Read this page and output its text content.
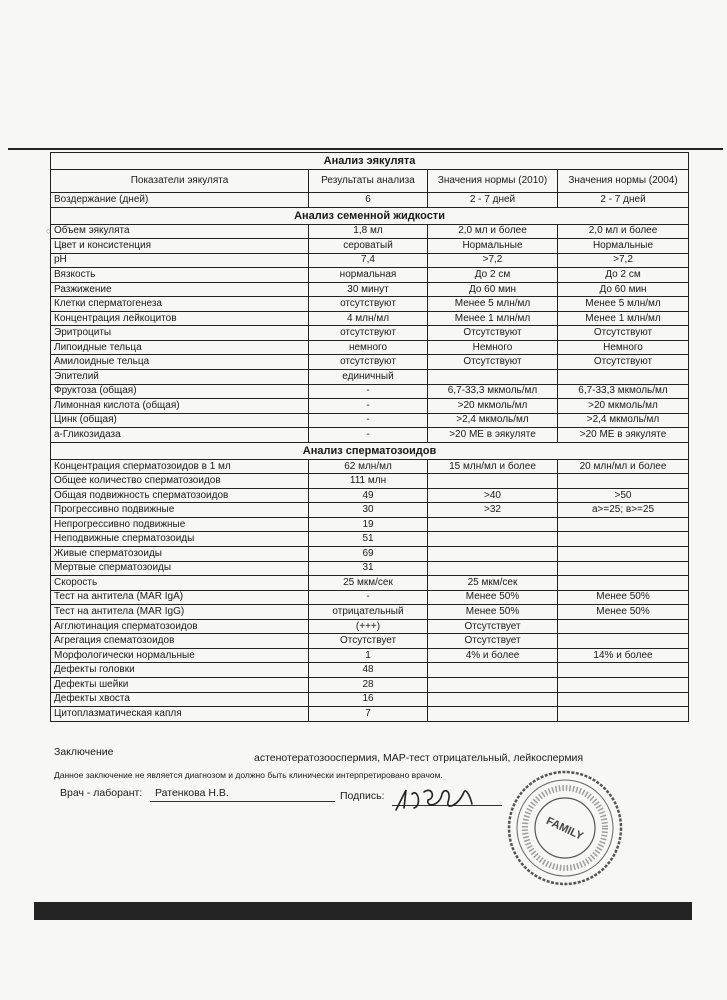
○
Анализ эякулята			
Показатели эякулята	Результаты анализа	Значения нормы (2010)	Значения нормы (2004)
Воздержание (дней)	6	2 - 7 дней	2 - 7 дней
Анализ семенной жидкости			
Объем эякулята	1,8 мл	2,0 мл и более	2,0 мл и более
Цвет и консистенция	сероватый	Нормальные	Нормальные
pH	7,4	>7,2	>7,2
Вязкость	нормальная	До 2 см	До 2 см
Разжижение	30 минут	До 60 мин	До 60 мин
Клетки сперматогенеза	отсутствуют	Менее 5 млн/мл	Менее 5 млн/мл
Концентрация лейкоцитов	4 млн/мл	Менее 1 млн/мл	Менее 1 млн/мл
Эритроциты	отсутствуют	Отсутствуют	Отсутствуют
Липоидные тельца	немного	Немного	Немного
Амилоидные тельца	отсутствуют	Отсутствуют	Отсутствуют
Эпителий	единичный		
Фруктоза (общая)	-	6,7-33,3 мкмоль/мл	6,7-33,3 мкмоль/мл
Лимонная кислота (общая)	-	>20 мкмоль/мл	>20 мкмоль/мл
Цинк (общая)	-	>2,4 мкмоль/мл	>2,4 мкмоль/мл
а-Гликозидаза	-	>20 МЕ в эякуляте	>20 МЕ в эякуляте
Анализ сперматозоидов			
Концентрация сперматозоидов в 1 мл	62 млн/мл	15 млн/мл и более	20 млн/мл и более
Общее количество сперматозоидов	111 млн		
Общая подвижность сперматозоидов	49	>40	>50
Прогрессивно подвижные	30	>32	а>=25; в>=25
Непрогрессивно подвижные	19		
Неподвижные сперматозоиды	51		
Живые сперматозоиды	69		
Мертвые сперматозоиды	31		
Скорость	25 мкм/сек	25 мкм/сек	
Тест на антитела (MAR IgA)	-	Менее 50%	Менее 50%
Тест на антитела (MAR IgG)	отрицательный	Менее 50%	Менее 50%
Агглютинация сперматозоидов	(+++)	Отсутствует	
Агрегация спематозоидов	Отсутствует	Отсутствует	
Морфологически нормальные	1	4% и более	14% и более
Дефекты головки	48		
Дефекты шейки	28		
Дефекты хвоста	16		
Цитоплазматическая капля	7		
Заключение	астенотератозооспермия, МАР-тест отрицательный, лейкоспермия
Данное заключение не является диагнозом и должно быть клинически интерпретировано врачом.
Врач - лаборант: Ратенкова Н.В.	Подпись:
FAMILY
